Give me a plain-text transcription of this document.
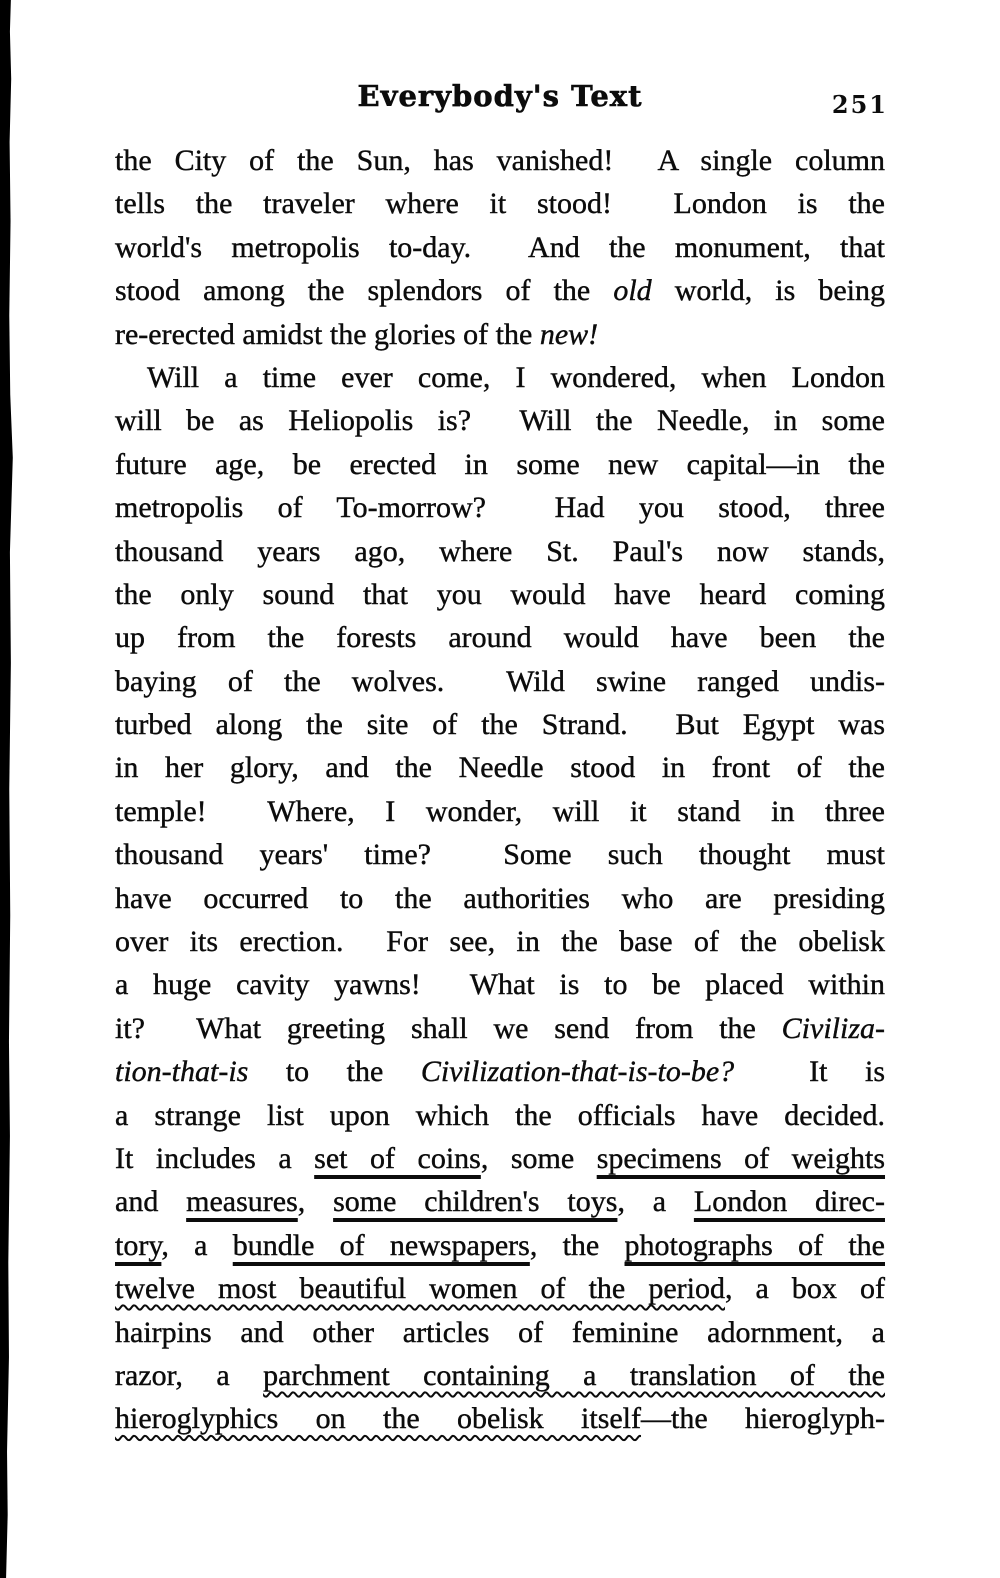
Everybody's Text	251
the City of the Sun, has vanished!  A single column
tells the traveler where it stood!  London is the
world's metropolis to-day.  And the monument, that
stood among the splendors of the old world, is being
re-erected amidst the glories of the new!
Will a time ever come, I wondered, when London
will be as Heliopolis is?  Will the Needle, in some
future age, be erected in some new capital—in the
metropolis of To-morrow?  Had you stood, three
thousand years ago, where St. Paul's now stands,
the only sound that you would have heard coming
up from the forests around would have been the
baying of the wolves.  Wild swine ranged undis-
turbed along the site of the Strand.  But Egypt was
in her glory, and the Needle stood in front of the
temple!  Where, I wonder, will it stand in three
thousand years' time?  Some such thought must
have occurred to the authorities who are presiding
over its erection.  For see, in the base of the obelisk
a huge cavity yawns!  What is to be placed within
it?  What greeting shall we send from the Civiliza-
tion-that-is to the Civilization-that-is-to-be?  It is
a strange list upon which the officials have decided.
It includes a set of coins, some specimens of weights
and measures, some children's toys, a London direc-
tory, a bundle of newspapers, the photographs of the
twelve most beautiful women of the period, a box of
hairpins and other articles of feminine adornment, a
razor, a parchment containing a translation of the
hieroglyphics on the obelisk itself—the hieroglyph-
